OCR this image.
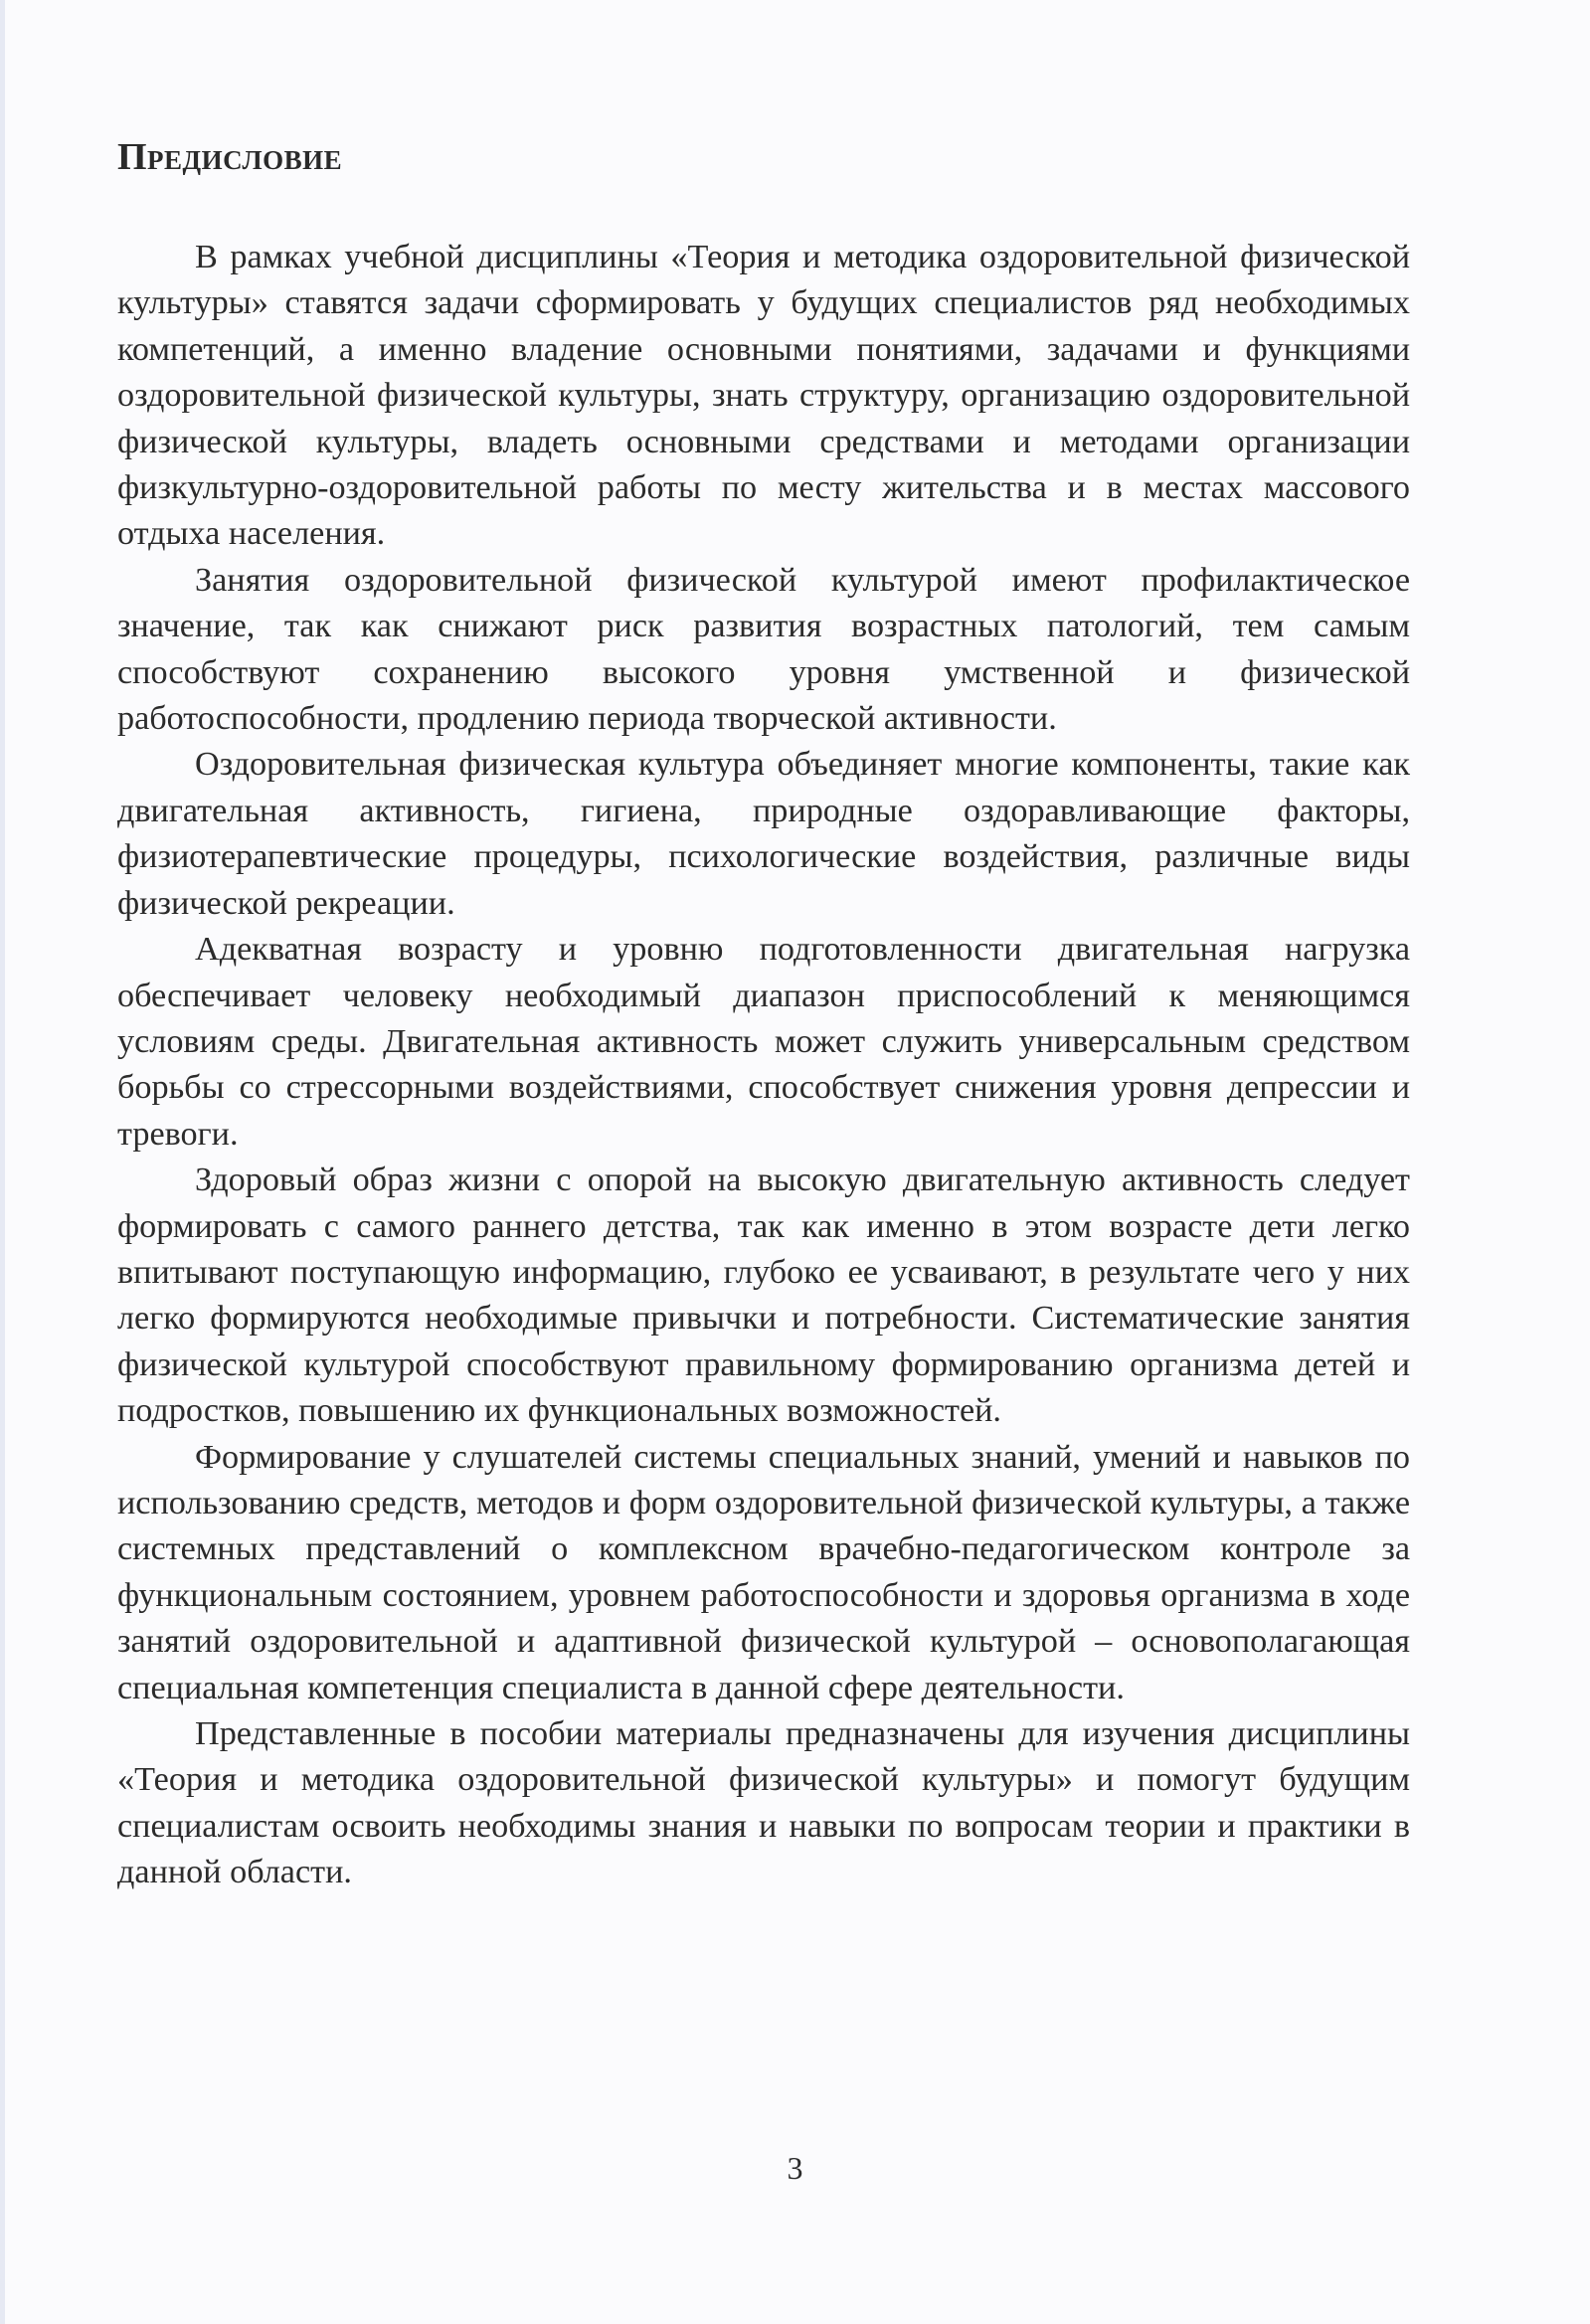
Предисловие

В рамках учебной дисциплины «Теория и методика оздоровительной физической культуры» ставятся задачи сформировать у будущих специалистов ряд необходимых компетенций, а именно владение основными понятиями, задачами и функциями оздоровительной физической культуры, знать структуру, организацию оздоровительной физической культуры, владеть основными средствами и методами организации физкультурно-оздоровительной работы по месту жительства и в местах массового отдыха населения.

Занятия оздоровительной физической культурой имеют профилактическое значение, так как снижают риск развития возрастных патологий, тем самым способствуют сохранению высокого уровня умственной и физической работоспособности, продлению периода творческой активности.

Оздоровительная физическая культура объединяет многие компоненты, такие как двигательная активность, гигиена, природные оздоравливающие факторы, физиотерапевтические процедуры, психологические воздействия, различные виды физической рекреации.

Адекватная возрасту и уровню подготовленности двигательная нагрузка обеспечивает человеку необходимый диапазон приспособлений к меняющимся условиям среды. Двигательная активность может служить универсальным средством борьбы со стрессорными воздействиями, способствует снижения уровня депрессии и тревоги.

Здоровый образ жизни с опорой на высокую двигательную активность следует формировать с самого раннего детства, так как именно в этом возрасте дети легко впитывают поступающую информацию, глубоко ее усваивают, в результате чего у них легко формируются необходимые привычки и потребности. Систематические занятия физической культурой способствуют правильному формированию организма детей и подростков, повышению их функциональных возможностей.

Формирование у слушателей системы специальных знаний, умений и навыков по использованию средств, методов и форм оздоровительной физической культуры, а также системных представлений о комплексном врачебно-педагогическом контроле за функциональным состоянием, уровнем работоспособности и здоровья организма в ходе занятий оздоровительной и адаптивной физической культурой – основополагающая специальная компетенция специалиста в данной сфере деятельности.

Представленные в пособии материалы предназначены для изучения дисциплины «Теория и методика оздоровительной физической культуры» и помогут будущим специалистам освоить необходимы знания и навыки по вопросам теории и практики в данной области.

3
